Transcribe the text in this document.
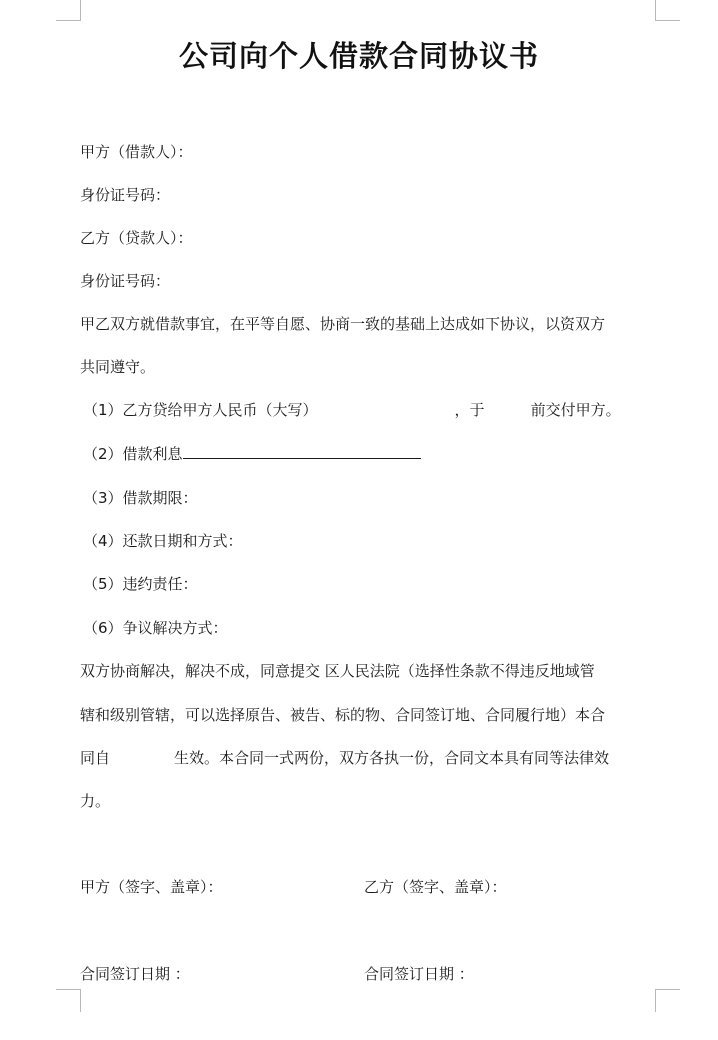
公司向个人借款合同协议书
甲方（借款人）：
身份证号码：
乙方（贷款人）：
身份证号码：
甲乙双方就借款事宜，在平等自愿、协商一致的基础上达成如下协议，以资双方
共同遵守。
（1）乙方贷给甲方人民币（大写）	，于	前交付甲方。
（2）借款利息
（3）借款期限：
（4）还款日期和方式：
（5）违约责任：
（6）争议解决方式：
双方协商解决，解决不成，同意提交 区人民法院（选择性条款不得违反地域管
辖和级别管辖，可以选择原告、被告、标的物、合同签订地、合同履行地）本合
同自	生效。本合同一式两份，双方各执一份，合同文本具有同等法律效
力。
甲方（签字、盖章）：	乙方（签字、盖章）：
合同签订日期 ：	合同签订日期 ：
